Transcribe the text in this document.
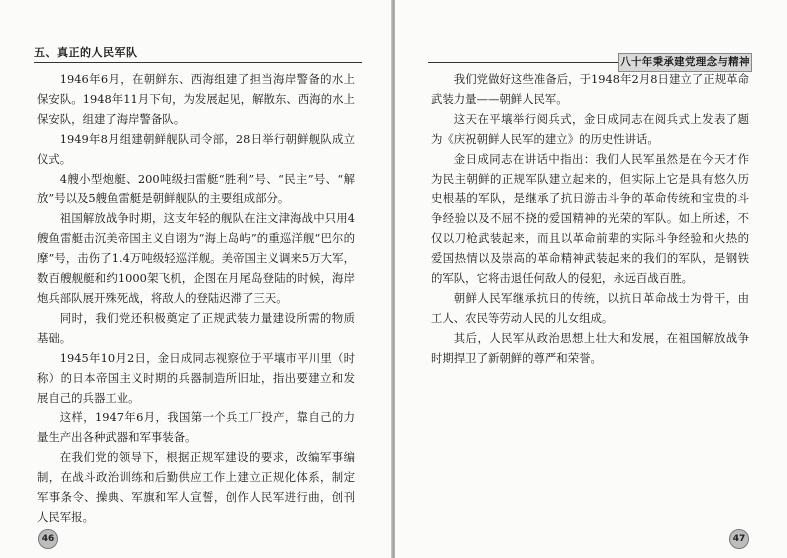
五、真正的人民军队

1946年6月，在朝鲜东、西海组建了担当海岸警备的水上保安队。1948年11月下旬，为发展起见，解散东、西海的水上保安队，组建了海岸警备队。

1949年8月组建朝鲜舰队司令部，28日举行朝鲜舰队成立仪式。

4艘小型炮艇、200吨级扫雷艇“胜利”号、“民主”号、“解放”号以及5艘鱼雷艇是朝鲜舰队的主要组成部分。

祖国解放战争时期，这支年轻的舰队在注文津海战中只用4艘鱼雷艇击沉美帝国主义自诩为“海上岛屿”的重巡洋舰“巴尔的摩”号，击伤了1.4万吨级轻巡洋舰。美帝国主义调来5万大军，数百艘舰艇和约1000架飞机，企图在月尾岛登陆的时候，海岸炮兵部队展开殊死战，将敌人的登陆迟滞了三天。

同时，我们党还积极奠定了正规武装力量建设所需的物质基础。

1945年10月2日，金日成同志视察位于平壤市平川里（时称）的日本帝国主义时期的兵器制造所旧址，指出要建立和发展自己的兵器工业。

这样，1947年6月，我国第一个兵工厂投产，靠自己的力量生产出各种武器和军事装备。

在我们党的领导下，根据正规军建设的要求，改编军事编制，在战斗政治训练和后勤供应工作上建立正规化体系，制定军事条令、操典、军旗和军人宣誓，创作人民军进行曲，创刊人民军报。

46
八十年秉承建党理念与精神

我们党做好这些准备后，于1948年2月8日建立了正规革命武装力量——朝鲜人民军。

这天在平壤举行阅兵式，金日成同志在阅兵式上发表了题为《庆祝朝鲜人民军的建立》的历史性讲话。

金日成同志在讲话中指出：我们人民军虽然是在今天才作为民主朝鲜的正规军队建立起来的，但实际上它是具有悠久历史根基的军队，是继承了抗日游击斗争的革命传统和宝贵的斗争经验以及不屈不挠的爱国精神的光荣的军队。如上所述，不仅以刀枪武装起来，而且以革命前辈的实际斗争经验和火热的爱国热情以及崇高的革命精神武装起来的我们的军队，是钢铁的军队，它将击退任何敌人的侵犯，永远百战百胜。

朝鲜人民军继承抗日的传统，以抗日革命战士为骨干，由工人、农民等劳动人民的儿女组成。

其后，人民军从政治思想上壮大和发展，在祖国解放战争时期捍卫了新朝鲜的尊严和荣誉。

47
